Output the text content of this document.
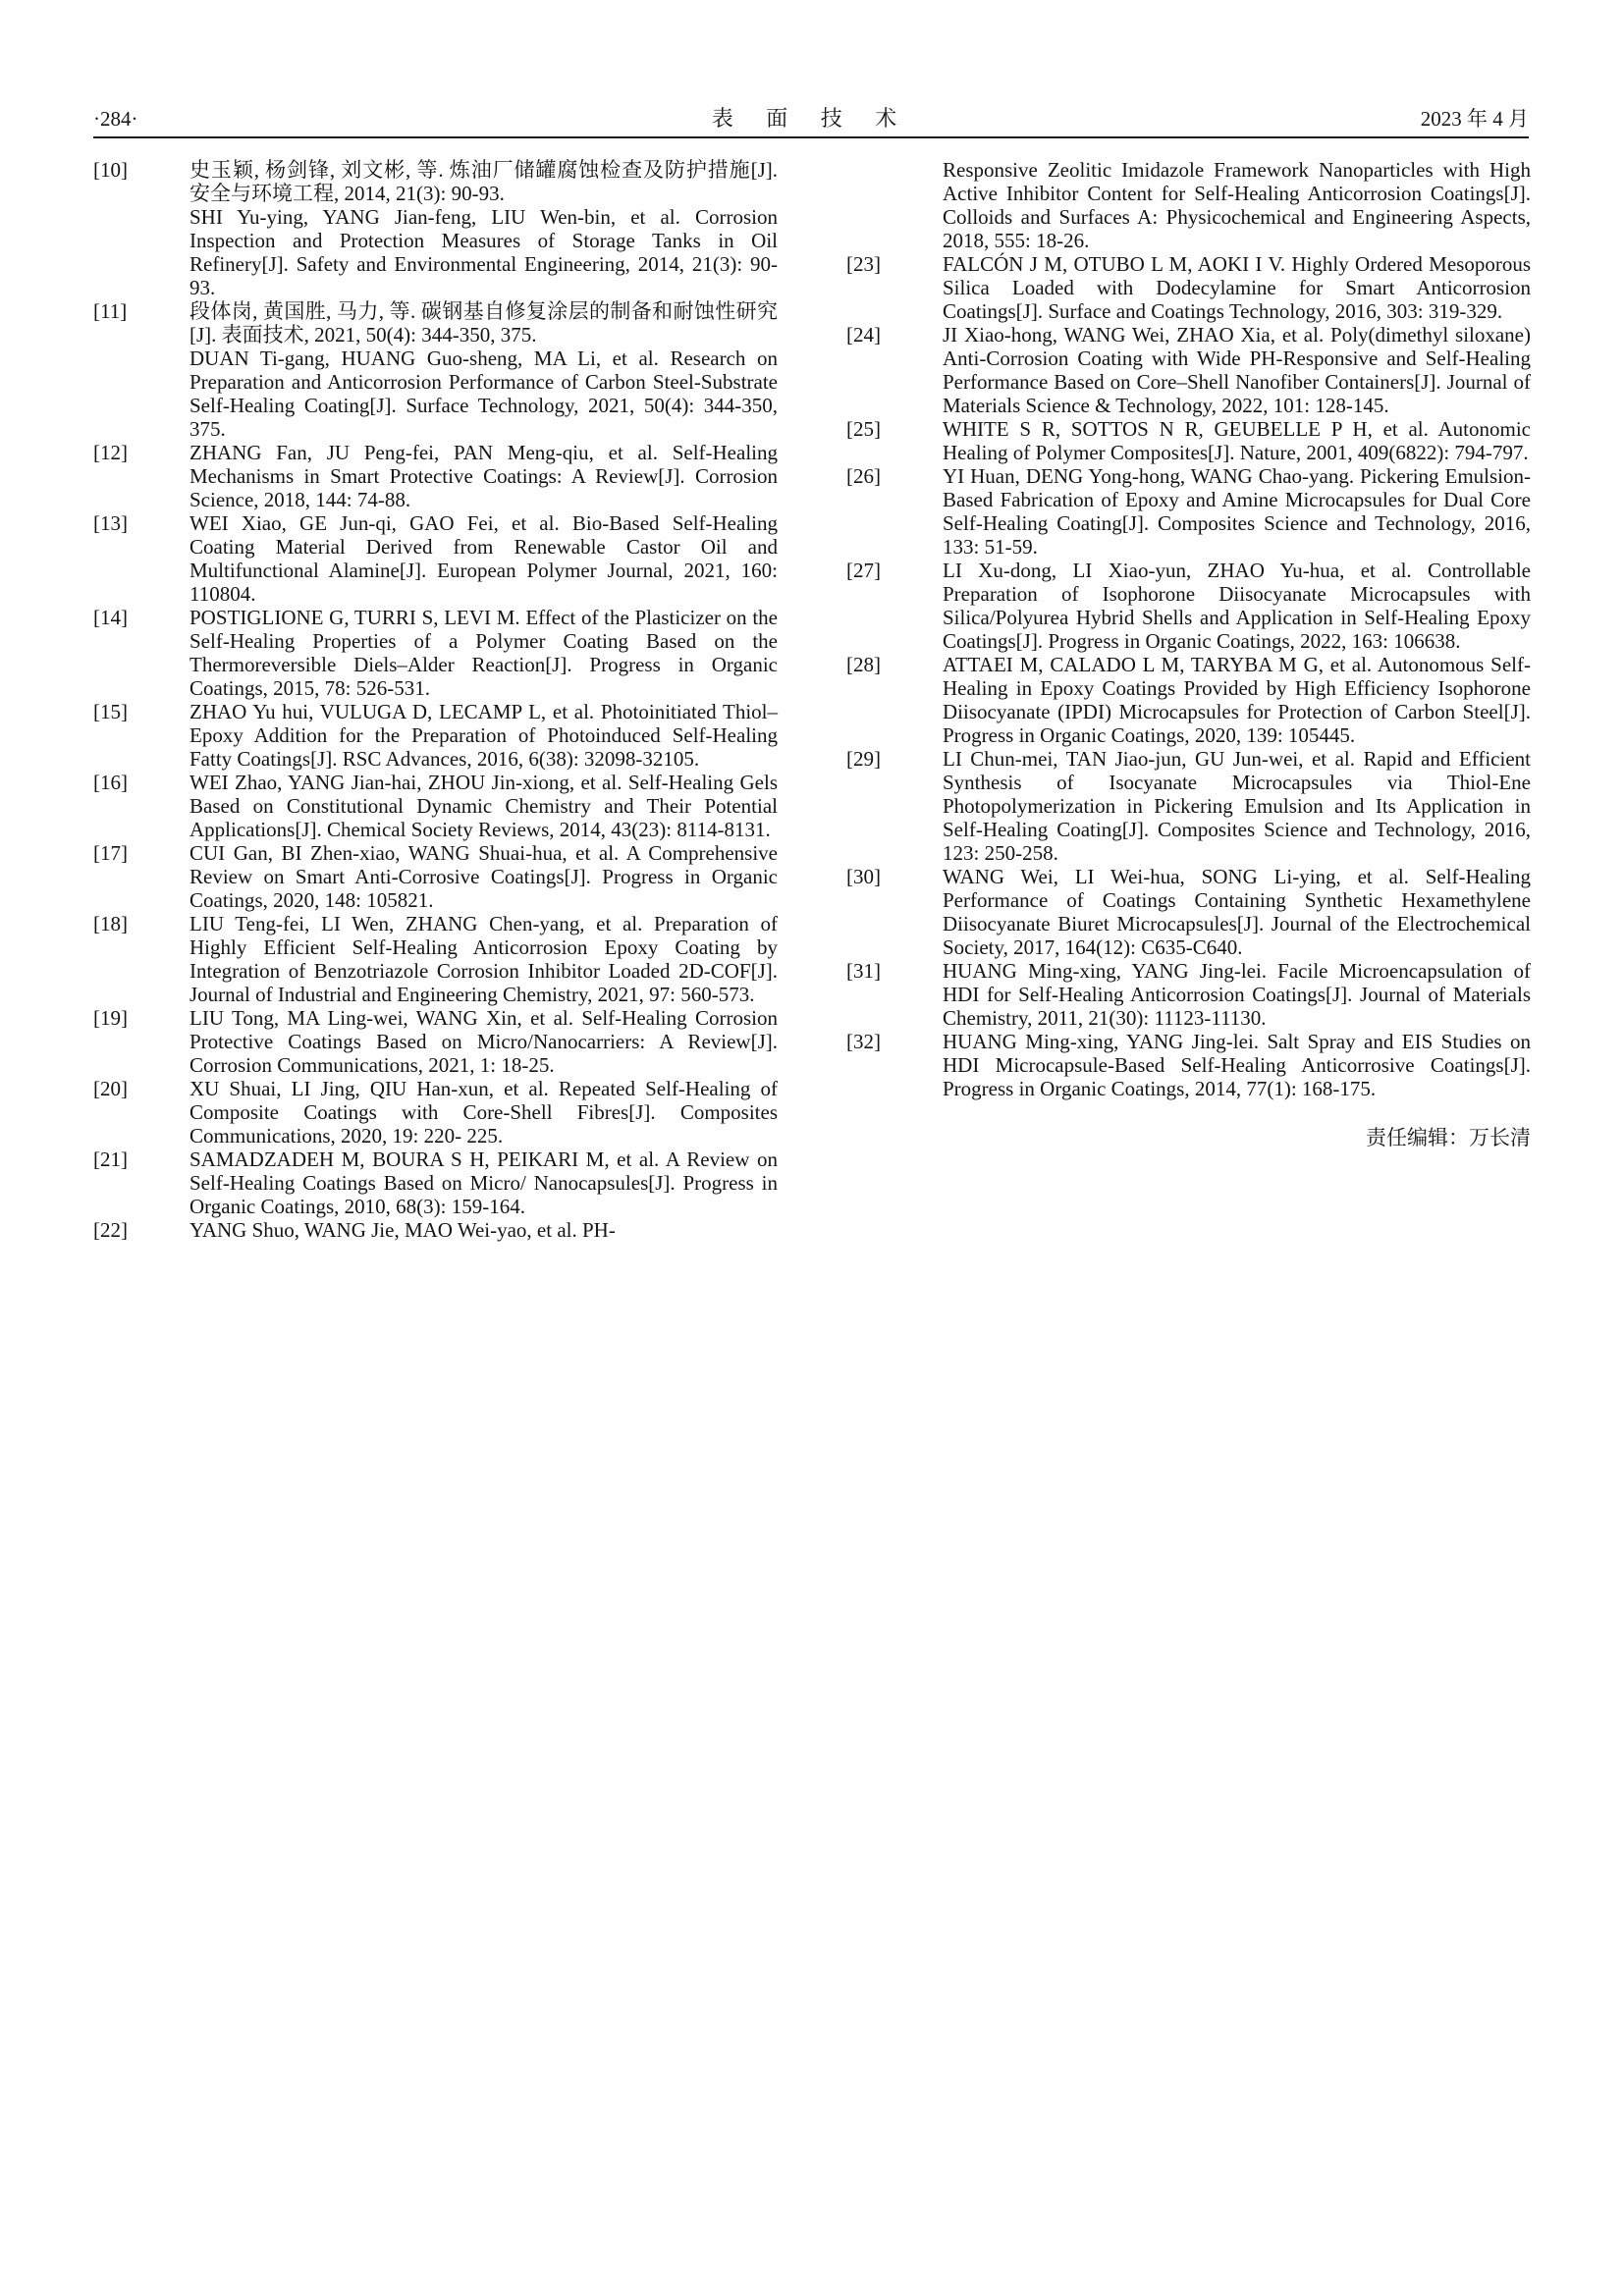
·284·	表 面 技 术	2023 年 4 月
[10]	史玉颖, 杨剑锋, 刘文彬, 等. 炼油厂储罐腐蚀检查及防护措施[J]. 安全与环境工程, 2014, 21(3): 90-93.
SHI Yu-ying, YANG Jian-feng, LIU Wen-bin, et al. Corrosion Inspection and Protection Measures of Storage Tanks in Oil Refinery[J]. Safety and Environmental Engineering, 2014, 21(3): 90-93.
[11]	段体岗, 黄国胜, 马力, 等. 碳钢基自修复涂层的制备和耐蚀性研究[J]. 表面技术, 2021, 50(4): 344-350, 375.
DUAN Ti-gang, HUANG Guo-sheng, MA Li, et al. Research on Preparation and Anticorrosion Performance of Carbon Steel-Substrate Self-Healing Coating[J]. Surface Technology, 2021, 50(4): 344-350, 375.
[12]	ZHANG Fan, JU Peng-fei, PAN Meng-qiu, et al. Self-Healing Mechanisms in Smart Protective Coatings: A Review[J]. Corrosion Science, 2018, 144: 74-88.
[13]	WEI Xiao, GE Jun-qi, GAO Fei, et al. Bio-Based Self-Healing Coating Material Derived from Renewable Castor Oil and Multifunctional Alamine[J]. European Polymer Journal, 2021, 160: 110804.
[14]	POSTIGLIONE G, TURRI S, LEVI M. Effect of the Plasticizer on the Self-Healing Properties of a Polymer Coating Based on the Thermoreversible Diels–Alder Reaction[J]. Progress in Organic Coatings, 2015, 78: 526-531.
[15]	ZHAO Yu hui, VULUGA D, LECAMP L, et al. Photoinitiated Thiol–Epoxy Addition for the Preparation of Photoinduced Self-Healing Fatty Coatings[J]. RSC Advances, 2016, 6(38): 32098-32105.
[16]	WEI Zhao, YANG Jian-hai, ZHOU Jin-xiong, et al. Self-Healing Gels Based on Constitutional Dynamic Chemistry and Their Potential Applications[J]. Chemical Society Reviews, 2014, 43(23): 8114-8131.
[17]	CUI Gan, BI Zhen-xiao, WANG Shuai-hua, et al. A Comprehensive Review on Smart Anti-Corrosive Coatings[J]. Progress in Organic Coatings, 2020, 148: 105821.
[18]	LIU Teng-fei, LI Wen, ZHANG Chen-yang, et al. Preparation of Highly Efficient Self-Healing Anticorrosion Epoxy Coating by Integration of Benzotriazole Corrosion Inhibitor Loaded 2D-COF[J]. Journal of Industrial and Engineering Chemistry, 2021, 97: 560-573.
[19]	LIU Tong, MA Ling-wei, WANG Xin, et al. Self-Healing Corrosion Protective Coatings Based on Micro/Nanocarriers: A Review[J]. Corrosion Communications, 2021, 1: 18-25.
[20]	XU Shuai, LI Jing, QIU Han-xun, et al. Repeated Self-Healing of Composite Coatings with Core-Shell Fibres[J]. Composites Communications, 2020, 19: 220- 225.
[21]	SAMADZADEH M, BOURA S H, PEIKARI M, et al. A Review on Self-Healing Coatings Based on Micro/ Nanocapsules[J]. Progress in Organic Coatings, 2010, 68(3): 159-164.
[22]	YANG Shuo, WANG Jie, MAO Wei-yao, et al. PH-
Responsive Zeolitic Imidazole Framework Nanoparticles with High Active Inhibitor Content for Self-Healing Anticorrosion Coatings[J]. Colloids and Surfaces A: Physicochemical and Engineering Aspects, 2018, 555: 18-26.
[23]	FALCÓN J M, OTUBO L M, AOKI I V. Highly Ordered Mesoporous Silica Loaded with Dodecylamine for Smart Anticorrosion Coatings[J]. Surface and Coatings Technology, 2016, 303: 319-329.
[24]	JI Xiao-hong, WANG Wei, ZHAO Xia, et al. Poly(dimethyl siloxane) Anti-Corrosion Coating with Wide PH-Responsive and Self-Healing Performance Based on Core–Shell Nanofiber Containers[J]. Journal of Materials Science & Technology, 2022, 101: 128-145.
[25]	WHITE S R, SOTTOS N R, GEUBELLE P H, et al. Autonomic Healing of Polymer Composites[J]. Nature, 2001, 409(6822): 794-797.
[26]	YI Huan, DENG Yong-hong, WANG Chao-yang. Pickering Emulsion-Based Fabrication of Epoxy and Amine Microcapsules for Dual Core Self-Healing Coating[J]. Composites Science and Technology, 2016, 133: 51-59.
[27]	LI Xu-dong, LI Xiao-yun, ZHAO Yu-hua, et al. Controllable Preparation of Isophorone Diisocyanate Microcapsules with Silica/Polyurea Hybrid Shells and Application in Self-Healing Epoxy Coatings[J]. Progress in Organic Coatings, 2022, 163: 106638.
[28]	ATTAEI M, CALADO L M, TARYBA M G, et al. Autonomous Self-Healing in Epoxy Coatings Provided by High Efficiency Isophorone Diisocyanate (IPDI) Microcapsules for Protection of Carbon Steel[J]. Progress in Organic Coatings, 2020, 139: 105445.
[29]	LI Chun-mei, TAN Jiao-jun, GU Jun-wei, et al. Rapid and Efficient Synthesis of Isocyanate Microcapsules via Thiol-Ene Photopolymerization in Pickering Emulsion and Its Application in Self-Healing Coating[J]. Composites Science and Technology, 2016, 123: 250-258.
[30]	WANG Wei, LI Wei-hua, SONG Li-ying, et al. Self-Healing Performance of Coatings Containing Synthetic Hexamethylene Diisocyanate Biuret Microcapsules[J]. Journal of the Electrochemical Society, 2017, 164(12): C635-C640.
[31]	HUANG Ming-xing, YANG Jing-lei. Facile Microencapsulation of HDI for Self-Healing Anticorrosion Coatings[J]. Journal of Materials Chemistry, 2011, 21(30): 11123-11130.
[32]	HUANG Ming-xing, YANG Jing-lei. Salt Spray and EIS Studies on HDI Microcapsule-Based Self-Healing Anticorrosive Coatings[J]. Progress in Organic Coatings, 2014, 77(1): 168-175.
责任编辑：万长清
